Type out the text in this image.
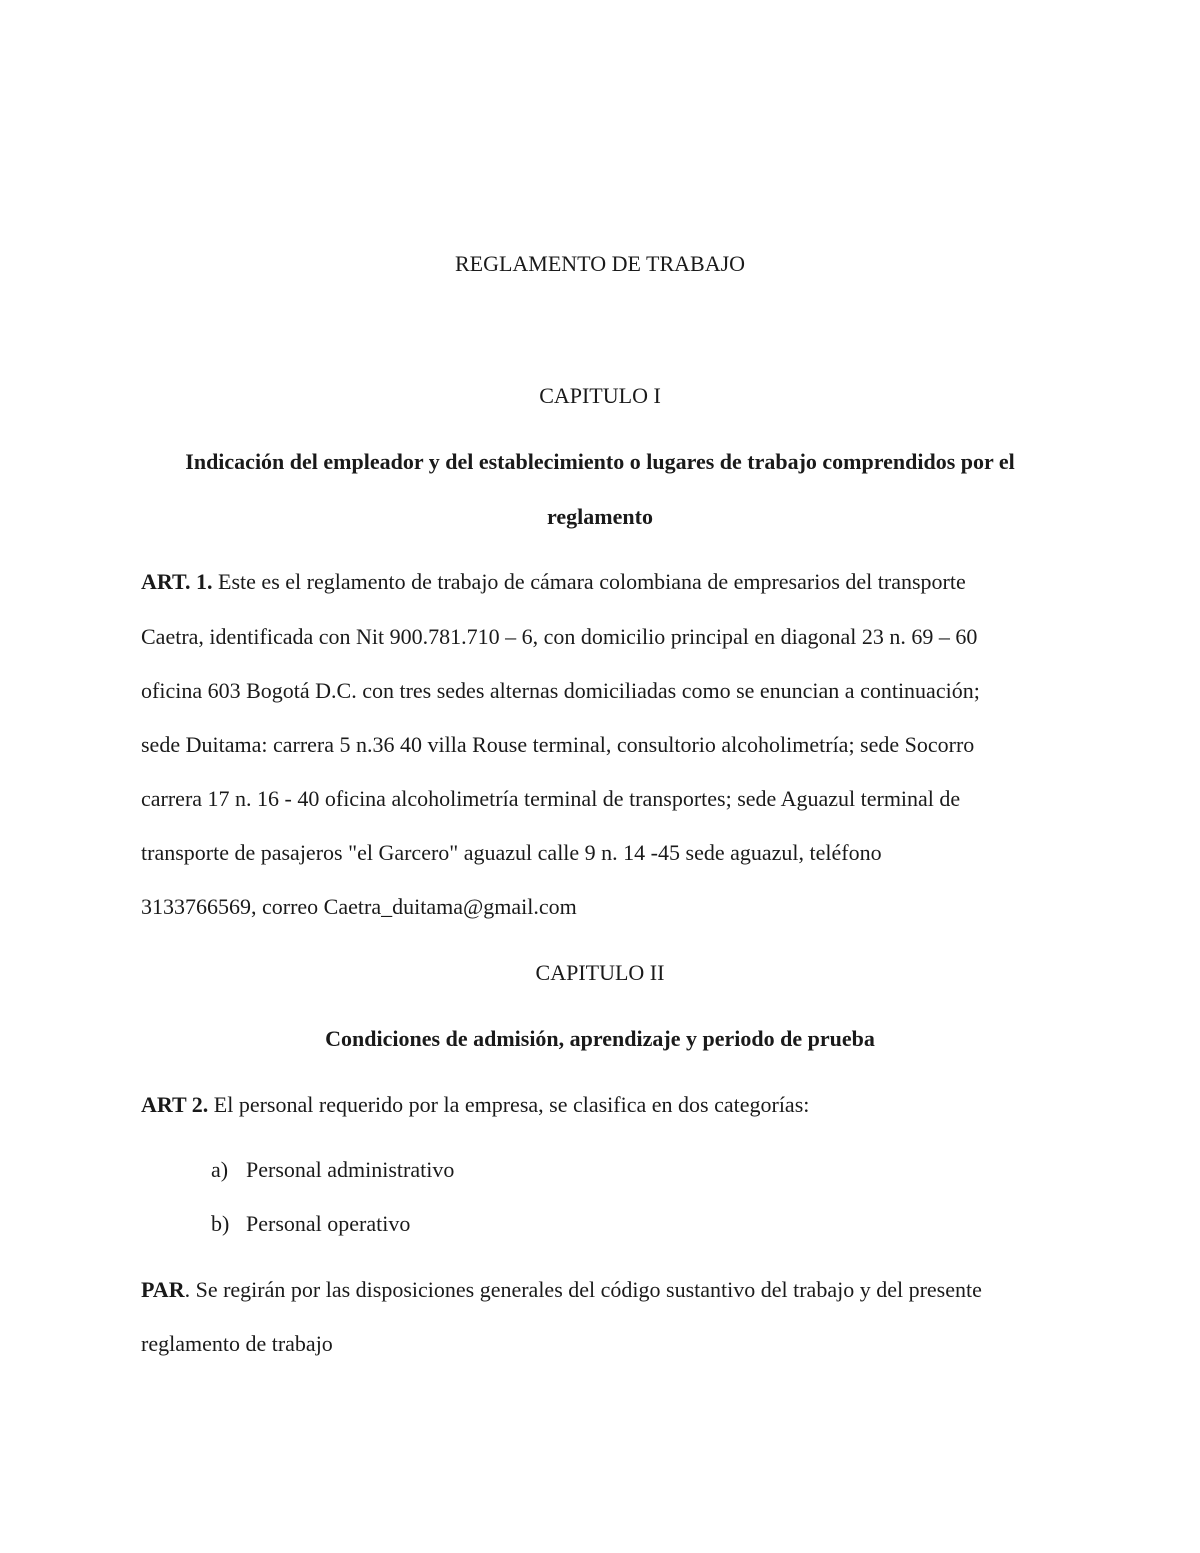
REGLAMENTO DE TRABAJO
CAPITULO I
Indicación del empleador y del establecimiento o lugares de trabajo comprendidos por el
reglamento
ART. 1. Este es el reglamento de trabajo de cámara colombiana de empresarios del transporte
Caetra, identificada con Nit 900.781.710 – 6, con domicilio principal en diagonal 23 n. 69 – 60
oficina 603 Bogotá D.C. con tres sedes alternas domiciliadas como se enuncian a continuación;
sede Duitama: carrera 5 n.36 40 villa Rouse terminal, consultorio alcoholimetría; sede Socorro
carrera 17 n. 16 - 40 oficina alcoholimetría terminal de transportes; sede Aguazul terminal de
transporte de pasajeros "el Garcero" aguazul calle 9 n. 14 -45 sede aguazul, teléfono
3133766569, correo Caetra_duitama@gmail.com
CAPITULO II
Condiciones de admisión, aprendizaje y periodo de prueba
ART 2. El personal requerido por la empresa, se clasifica en dos categorías:
a) Personal administrativo
b) Personal operativo
PAR. Se regirán por las disposiciones generales del código sustantivo del trabajo y del presente
reglamento de trabajo
